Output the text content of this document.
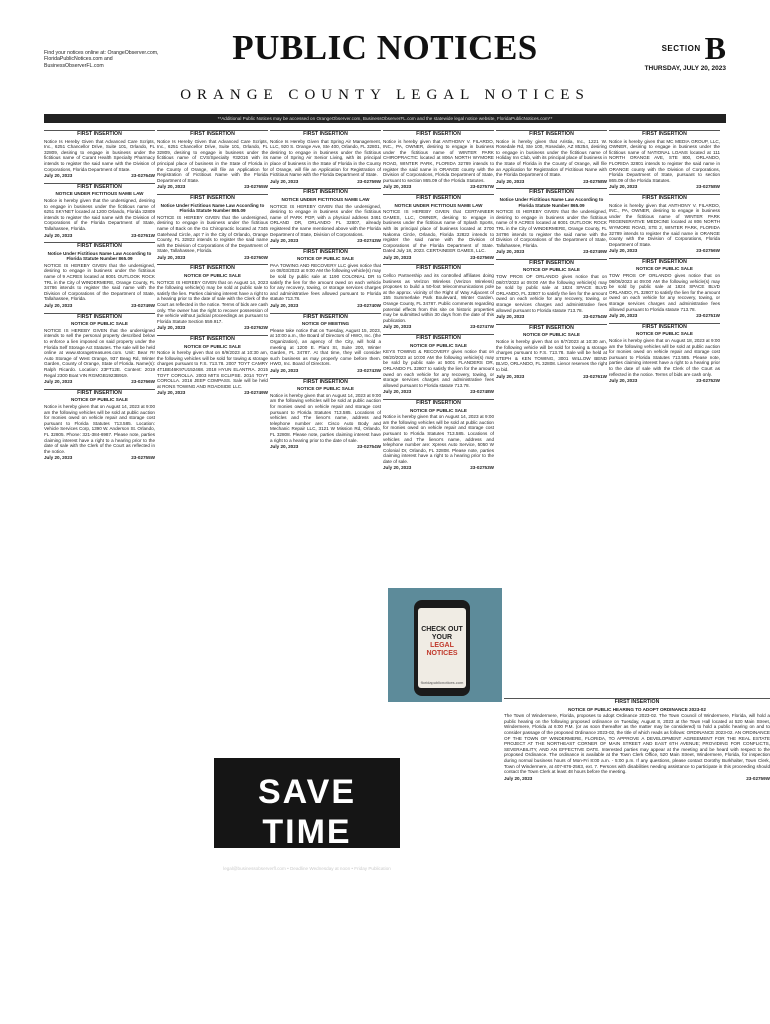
Find your notices online at: OrangeObserver.com,
FloridaPublicNotices.com and
BusinessObserverFL.com	PUBLIC NOTICES	SECTION B
THURSDAY, JULY 20, 2023
ORANGE COUNTY LEGAL NOTICES
**Additional Public Notices may be accessed on OrangeObserver.com, BusinessObserverFL.com and the statewide legal notice website, FloridaPublicNotices.com**
FIRST INSERTION
Notice Is Hereby Given that Advanced Care Scripts, Inc., 6251 Chancellor Drive, Suite 101, Orlando, FL 32809, desiring to engage in business under the fictitious name of Curant Health Specialty Pharmacy intends to register the said name with the Division of Corporations, Florida Department of State.
July 20, 2023	23-02764W
FIRST INSERTION
NOTICE UNDER FICTITIOUS NAME LAW
Notice is hereby given that the undersigned, desiring to engage in business under the fictitious name of 6251 SKYNET located at 1200 Orlando, Florida 32809 intends to register the said name with the Division of Corporations of the Florida Department of State, Tallahassee, Florida.
July 20, 2023	23-02761W
FIRST INSERTION
Notice Under Fictitious Name Law According to Florida Statute Number 865.09
NOTICE IS HEREBY GIVEN that the undersigned, desiring to engage in business under the fictitious name of 9 ACRES located at 8001 OUTLOOK ROCK TRL in the City of WINDERMERE, Orange County, FL 34786 intends to register the said name with the Division of Corporations of the Department of State, Tallahassee, Florida.
July 20, 2023	23-02749W
FIRST INSERTION
NOTICE OF PUBLIC SALE
NOTICE IS HEREBY GIVEN that the undersigned intends to sell the personal property described below to enforce a lien imposed on said property under the Florida Self Storage Act Statutes. The sale will be held online at www.storagetreasures.com. Unit: Bear Rr Auto Storage of West Orange, 937 Beag Rd, Winter Garden, County of Orange, State of Florida. Name(s): Ralph Ricardo. Location: 23FT12E. Content: 2019 Regal 2300 Boat VIN RGMGB1923B919.
July 20, 2023	23-02766W
FIRST INSERTION
NOTICE OF PUBLIC SALE
Notice is hereby given that on August 14, 2023 at 9:00 am the following vehicles will be sold at public auction for monies owed on vehicle repair and storage cost pursuant to Florida Statutes 713.585. Location: Vehicle Services Corp, 1390 W. Anderson St. Orlando, FL 32805. Phone: 321-384-6987. Please note, parties claiming interest have a right to a hearing prior to the date of sale with the Clerk of the Court as reflected in the notice.
July 20, 2023	23-02755W
FIRST INSERTION
Notice Is Hereby Given that Advanced Care Scripts, Inc., 6251 Chancellor Drive, Suite 101, Orlando, FL 32809, desiring to engage in business under the fictitious name of CVS/Specialty #32016 with its principal place of business in the State of Florida in the County of Orange, will file an Application for Registration of Fictitious Name with the Florida Department of State.
July 20, 2023	23-02765W
FIRST INSERTION
Notice Under Fictitious Name Law According to Florida Statute Number 865.09
NOTICE IS HEREBY GIVEN that the undersigned, desiring to engage in business under the fictitious name of Back on the Go Chiropractic located at 7345 Gatehead Circle, apt 7 in the City of Orlando, Orange County, FL 32822 intends to register the said name with the Division of Corporations of the Department of State, Tallahassee, Florida.
July 20, 2023	23-02760W
FIRST INSERTION
NOTICE OF PUBLIC SALE
NOTICE IS HEREBY GIVEN that on August 14, 2023 the following vehicle(s) may be sold at public sale to satisfy the lien. Parties claiming interest have a right to a hearing prior to the date of sale with the Clerk of the Court as reflected in the notice. Terms of bids are cash only. The owner has the right to recover possession of the vehicle without judicial proceedings as pursuant to Florida Statute Section 559.917.
July 20, 2023	23-02762W
FIRST INSERTION
NOTICE OF PUBLIC SALE
Notice is hereby given that on 8/9/2023 at 10:30 am, the following vehicles will be sold for towing & storage charges pursuant to F.S. 713.78. 2007 TOYT CAMRY 4T1BE46K97U152468. 2018 HYUN ELANTRA. 2015 TOYT COROLLA. 2003 MITS ECLIPSE. 2014 TOYT COROLLA. 2016 JEEP COMPASS. Sale will be held at RONS TOWING AND ROADSIDE LLC.
July 20, 2023	23-02749W
FIRST INSERTION
Notice Is Hereby Given that Spring Air Management, LLC, 920 S. Orange Ave, Ste 400, Orlando, FL 32801, desiring to engage in business under the fictitious name of Spring Air Senior Living, with its principal place of business in the State of Florida in the County of Orange, will file an Application for Registration of Fictitious Name with the Florida Department of State.
July 20, 2023	23-02759W
FIRST INSERTION
NOTICE UNDER FICTITIOUS NAME LAW
NOTICE IS HEREBY GIVEN that the undersigned, desiring to engage in business under the fictitious name of PARK POP, with a physical address 3461 ORLAND DR, ORLANDO FL 32807, already registered the name mentioned above with the Florida Department of State, Division of Corporations.
July 20, 2023	23-02743W
FIRST INSERTION
NOTICE OF PUBLIC SALE
PAA TOWING AND RECOVERY LLC gives notice that on 08/03/2023 at 9:00 AM the following vehicle(s) may be sold by public sale at 1190 COLONIAL DR to satisfy the lien for the amount owed on each vehicle for any recovery, towing, or storage services charges and administrative fees allowed pursuant to Florida statute 713.78.
July 20, 2023	23-02740W
FIRST INSERTION
NOTICE OF MEETING
Please take notice that on Tuesday, August 15, 2023, at 10:00 a.m., the Board of Directors of HWO, Inc. (the Organization), an agency of the City, will hold a meeting at 1200 E. Plant St, Suite 200, Winter Garden, FL 34787. At that time, they will consider such business as may properly come before them. HWO, Inc. Board of Directors.
July 20, 2023	23-02743W
FIRST INSERTION
NOTICE OF PUBLIC SALE
Notice is hereby given that on August 14, 2023 at 9:00 am the following vehicles will be sold at public auction for monies owed on vehicle repair and storage cost pursuant to Florida Statutes 713.585. Locations of vehicles and The lienor's name, address and telephone number are: Cisco Auto Body and Mechanic Repair LLC, 3121 W Mission Rd, Orlando, FL 32808. Please note, parties claiming interest have a right to a hearing prior to the date of sale.
July 20, 2023	23-02754W
FIRST INSERTION
Notice is hereby given that ANTHONY V. FILARDO, INC., PA, OWNER, desiring to engage in business under the fictitious name of WINTER PARK CHIROPRACTIC located at 806A NORTH WYMORE ROAD, WINTER PARK, FLORIDA 32789 intends to register the said name in ORANGE county with the Division of Corporations, Florida Department of State, pursuant to section 865.09 of the Florida Statutes.
July 20, 2023	23-02757W
FIRST INSERTION
NOTICE UNDER FICTITIOUS NAME LAW
NOTICE IS HEREBY GIVEN that CERTAINEER GAMES, LLC, OWNER, desiring to engage in business under the fictitious name of Splash Sports, with its principal place of business located at 3700 Nakoma Circle, Orlando, Florida 32822 intends to register the said name with the Division of Corporations of the Florida Department of State. Dated July 18, 2023. CERTAINEER GAMES, LLC.
July 20, 2023	23-02756W
FIRST INSERTION
Cellco Partnership and its controlled affiliates doing business as Verizon Wireless (Verizon Wireless) proposes to build a 50-foot telecommunications pole at the approx. vicinity of the Right of Way Adjacent of 155 Summerlake Park Boulevard, Winter Garden, Orange County, FL 34787. Public comments regarding potential effects from this site on historic properties may be submitted within 30 days from the date of this publication.
July 20, 2023	23-02747W
FIRST INSERTION
NOTICE OF PUBLIC SALE
KEYS TOWING & RECOVERY gives notice that on 08/20/2023 at 10:00 AM the following vehicle(s) may be sold by public sale at 5001 FLANDERS DR, ORLANDO FL 32807 to satisfy the lien for the amount owed on each vehicle for any recovery, towing, or storage services charges and administrative fees allowed pursuant to Florida statute 713.78.
July 20, 2023	23-02748W
FIRST INSERTION
NOTICE OF PUBLIC SALE
Notice is hereby given that on August 14, 2023 at 9:00 am the following vehicles will be sold at public auction for monies owed on vehicle repair and storage cost pursuant to Florida Statutes 713.585. Locations of vehicles and The lienor's name, address and telephone number are: Xpress Auto Service, 5050 W Colonial Dr, Orlando, FL 32808. Please note, parties claiming interest have a right to a hearing prior to the date of sale.
July 20, 2023	23-02753W
FIRST INSERTION
Notice is hereby given that Aristia, Inc., 1221 W. Rosedale Rd, Ste 100, Rosedale, AZ 85254, desiring to engage in business under the fictitious name of Holiday Inn Club, with its principal place of business in the State of Florida in the County of Orange, will file an Application for Registration of Fictitious Name with the Florida Department of State.
July 20, 2023	23-02758W
FIRST INSERTION
Notice Under Fictitious Name Law According to Florida Statute Number 865.09
NOTICE IS HEREBY GIVEN that the undersigned, desiring to engage in business under the fictitious name of 9 ACRES located at 8001 OUTLOOK ROCK TRL in the City of WINDERMERE, Orange County, FL 34786 intends to register the said name with the Division of Corporations of the Department of State, Tallahassee, Florida.
July 20, 2023	23-02749W
FIRST INSERTION
NOTICE OF PUBLIC SALE
TOW PROS OF ORLANDO gives notice that on 08/07/2023 at 09:00 AM the following vehicle(s) may be sold by public sale at 1824 SPACE BLVD ORLANDO, FL 32807 to satisfy the lien for the amount owed on each vehicle for any recovery, towing, or storage services charges and administrative fees allowed pursuant to Florida statute 713.78.
July 20, 2023	23-02754W
FIRST INSERTION
NOTICE OF PUBLIC SALE
Notice is hereby given that on 8/7/2023 at 10:30 am, the following vehicle will be sold for towing & storage charges pursuant to F.S. 713.78. Sale will be held at STEPH & KEN TOWING, 3001 WILLOW BEND BLVD, ORLANDO, FL 32808. Lienor reserves the right to bid.
July 20, 2023	23-02761W
FIRST INSERTION
Notice is hereby given that MC MEDIA GROUP, LLC, OWNER, desiring to engage in business under the fictitious name of NATIONAL LOANS located at 111 NORTH ORANGE AVE, STE 800, ORLANDO, FLORIDA 32801 intends to register the said name in ORANGE county with the Division of Corporations, Florida Department of State, pursuant to section 865.09 of the Florida Statutes.
July 20, 2023	23-02758W
FIRST INSERTION
Notice is hereby given that ANTHONY V. FILARDO, INC., PA, OWNER, desiring to engage in business under the fictitious name of WINTER PARK REGENERATIVE MEDICINE located at 806 NORTH WYMORE ROAD, STE 2, WINTER PARK, FLORIDA 32789 intends to register the said name in ORANGE county with the Division of Corporations, Florida Department of State.
July 20, 2023	23-02756W
FIRST INSERTION
NOTICE OF PUBLIC SALE
TOW PROS OF ORLANDO gives notice that on 08/06/2023 at 09:00 AM the following vehicle(s) may be sold by public sale at 1824 SPACE BLVD ORLANDO, FL 32807 to satisfy the lien for the amount owed on each vehicle for any recovery, towing, or storage services charges and administrative fees allowed pursuant to Florida statute 713.78.
July 20, 2023	23-02751W
FIRST INSERTION
NOTICE OF PUBLIC SALE
Notice is hereby given that on August 18, 2023 at 9:00 am the following vehicles will be sold at public auction for monies owed on vehicle repair and storage cost pursuant to Florida Statutes 713.585. Please note, parties claiming interest have a right to a hearing prior to the date of sale with the Clerk of the Court as reflected in the notice. Terms of bids are cash only.
July 20, 2023	23-02752W
FIRST INSERTION
NOTICE OF PUBLIC HEARING TO ADOPT ORDINANCE 2023-02
The Town of Windermere, Florida, proposes to adopt Ordinance 2023-02. The Town Council of Windermere, Florida, will hold a public hearing on the following proposed ordinance on Tuesday, August 8, 2023 at the Town Hall located at 520 Main Street, Windermere, Florida at 6:00 P.M. (or as soon thereafter as the matter may be considered) to hold a public hearing on and to consider passage of the proposed Ordinance 2023-02, the title of which reads as follows: ORDINANCE 2023-02. AN ORDINANCE OF THE TOWN OF WINDERMERE, FLORIDA, TO APPROVE A DEVELOPMENT AGREEMENT FOR THE REAL ESTATE PROJECT AT THE NORTHEAST CORNER OF MAIN STREET AND EAST 6TH AVENUE; PROVIDING FOR CONFLICTS, SEVERABILITY, AND AN EFFECTIVE DATE. Interested parties may appear at the meeting and be heard with respect to the proposed Ordinance. The ordinance is available at the Town Clerk Office, 520 Main Street, Windermere, Florida, for inspection during normal business hours of Mon-Fri 8:00 a.m. - 5:00 p.m. If any questions, please contact Dorothy Burkhalter, Town Clerk, Town of Windermere, at 407-876-2563, ext. 7. Persons with disabilities needing assistance to participate in this proceeding should contact the Town Clerk at least 48 hours before the meeting.
July 20, 2023	23-02759W
SAVE TIME
Email your Legal Notice
legal@businessobserverfl.com • Deadline Wednesday at noon • Friday Publication
CHECK OUT YOUR
LEGAL NOTICES
floridapublicnotices.com
